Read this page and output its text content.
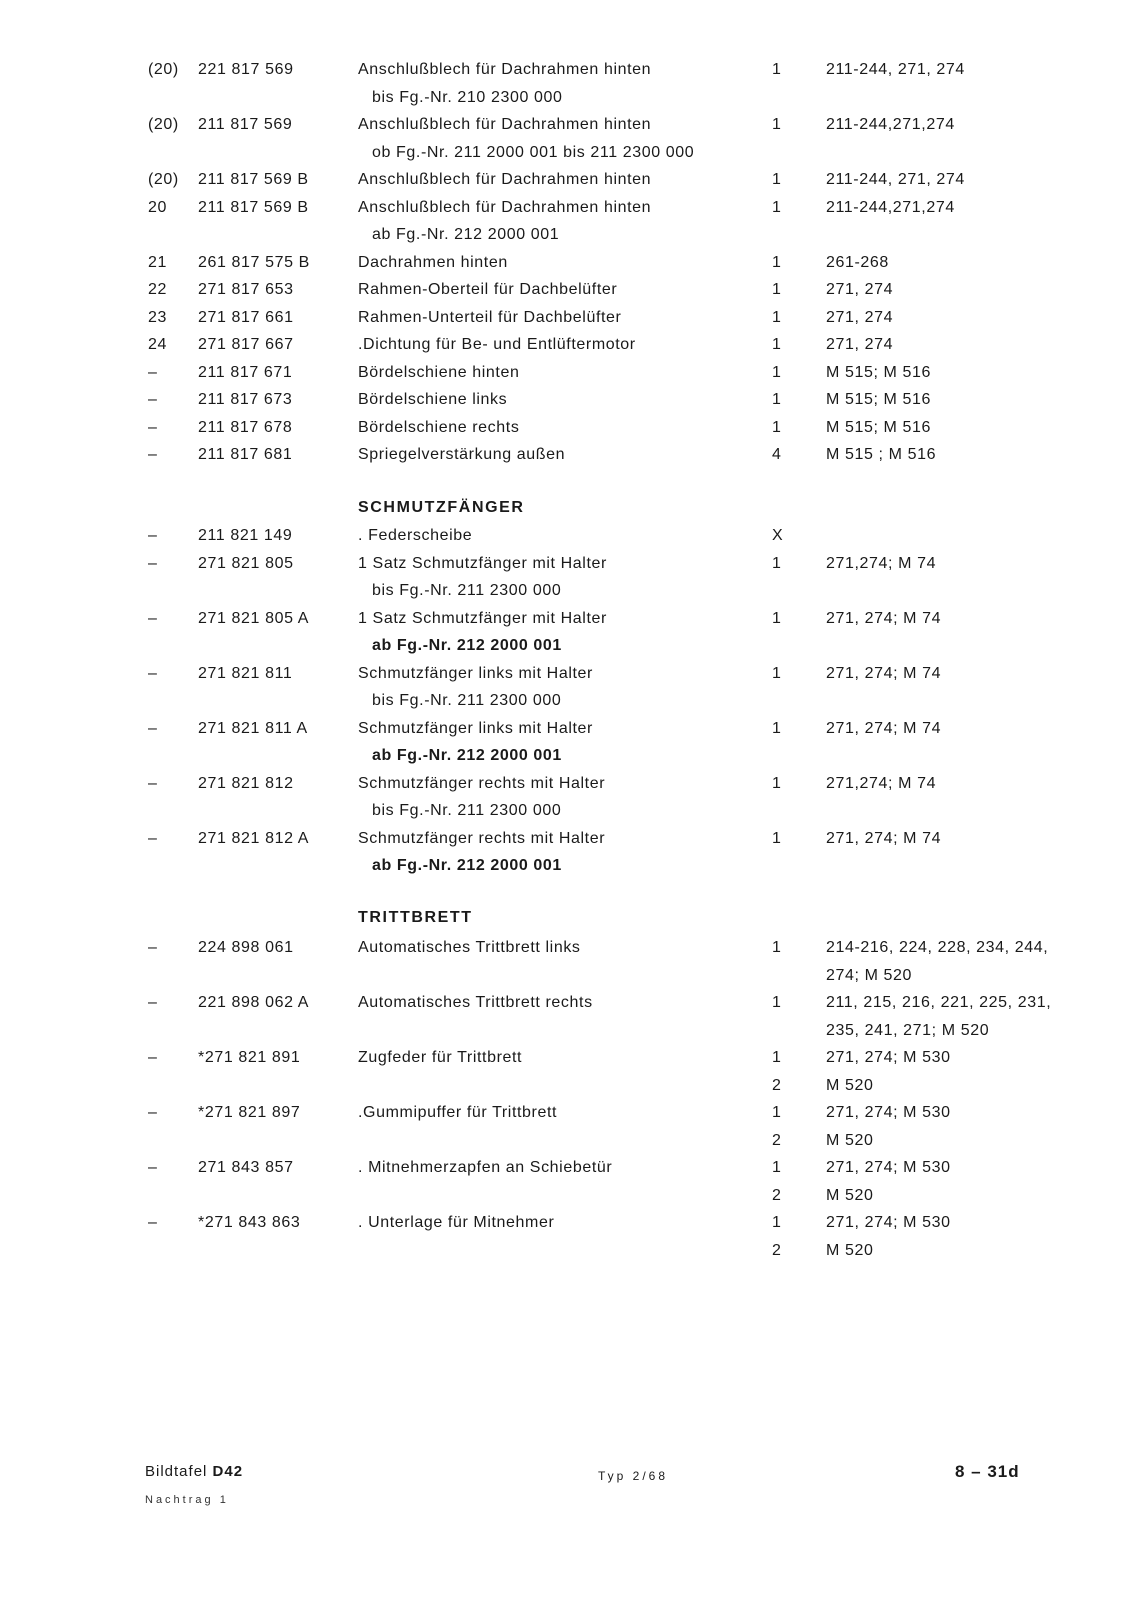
(20) 221 817 569	Anschlußblech für Dachrahmen hinten	1	211-244, 271, 274
bis Fg.-Nr. 210 2300 000
(20) 211 817 569	Anschlußblech für Dachrahmen hinten	1	211-244,271,274
ob Fg.-Nr. 211 2000 001 bis 211 2300 000
(20) 211 817 569 B	Anschlußblech für Dachrahmen hinten	1	211-244, 271, 274
20 211 817 569 B	Anschlußblech für Dachrahmen hinten	1	211-244,271,274
ab Fg.-Nr. 212 2000 001
21 261 817 575 B	Dachrahmen hinten	1	261-268
22 271 817 653	Rahmen-Oberteil für Dachbelüfter	1	271, 274
23 271 817 661	Rahmen-Unterteil für Dachbelüfter	1	271, 274
24 271 817 667	.Dichtung für Be- und Entlüftermotor	1	271, 274
–	211 817 671	Bördelschiene hinten	1	M 515; M 516
–	211 817 673	Bördelschiene links	1	M 515; M 516
–	211 817 678	Bördelschiene rechts	1	M 515; M 516
–	211 817 681	Spriegelverstärkung außen	4	M 515 ; M 516
SCHMUTZFÄNGER
–	211 821 149	. Federscheibe	X
–	271 821 805	1 Satz Schmutzfänger mit Halter	1	271,274; M 74
bis Fg.-Nr. 211 2300 000
–	271 821 805 A	1 Satz Schmutzfänger mit Halter	1	271, 274; M 74
ab Fg.-Nr. 212 2000 001
–	271 821 811	Schmutzfänger links mit Halter	1	271, 274; M 74
bis Fg.-Nr. 211 2300 000
–	271 821 811 A	Schmutzfänger links mit Halter	1	271, 274; M 74
ab Fg.-Nr. 212 2000 001
–	271 821 812	Schmutzfänger rechts mit Halter	1	271,274; M 74
bis Fg.-Nr. 211 2300 000
–	271 821 812 A	Schmutzfänger rechts mit Halter	1	271, 274; M 74
ab Fg.-Nr. 212 2000 001
TRITTBRETT
–	224 898 061	Automatisches Trittbrett links	1	214-216, 224, 228, 234, 244,
274; M 520
–	221 898 062 A	Automatisches Trittbrett rechts	1	211, 215, 216, 221, 225, 231,
235, 241, 271; M 520
–	*271 821 891	Zugfeder für Trittbrett	1	271, 274; M 530
2	M 520
–	*271 821 897	.Gummipuffer für Trittbrett	1	271, 274; M 530
2	M 520
–	271 843 857	. Mitnehmerzapfen an Schiebetür	1	271, 274; M 530
2	M 520
–	*271 843 863	. Unterlage für Mitnehmer	1	271, 274; M 530
2	M 520
Bildtafel D42
Nachtrag 1
Typ 2/68	8 – 31d
